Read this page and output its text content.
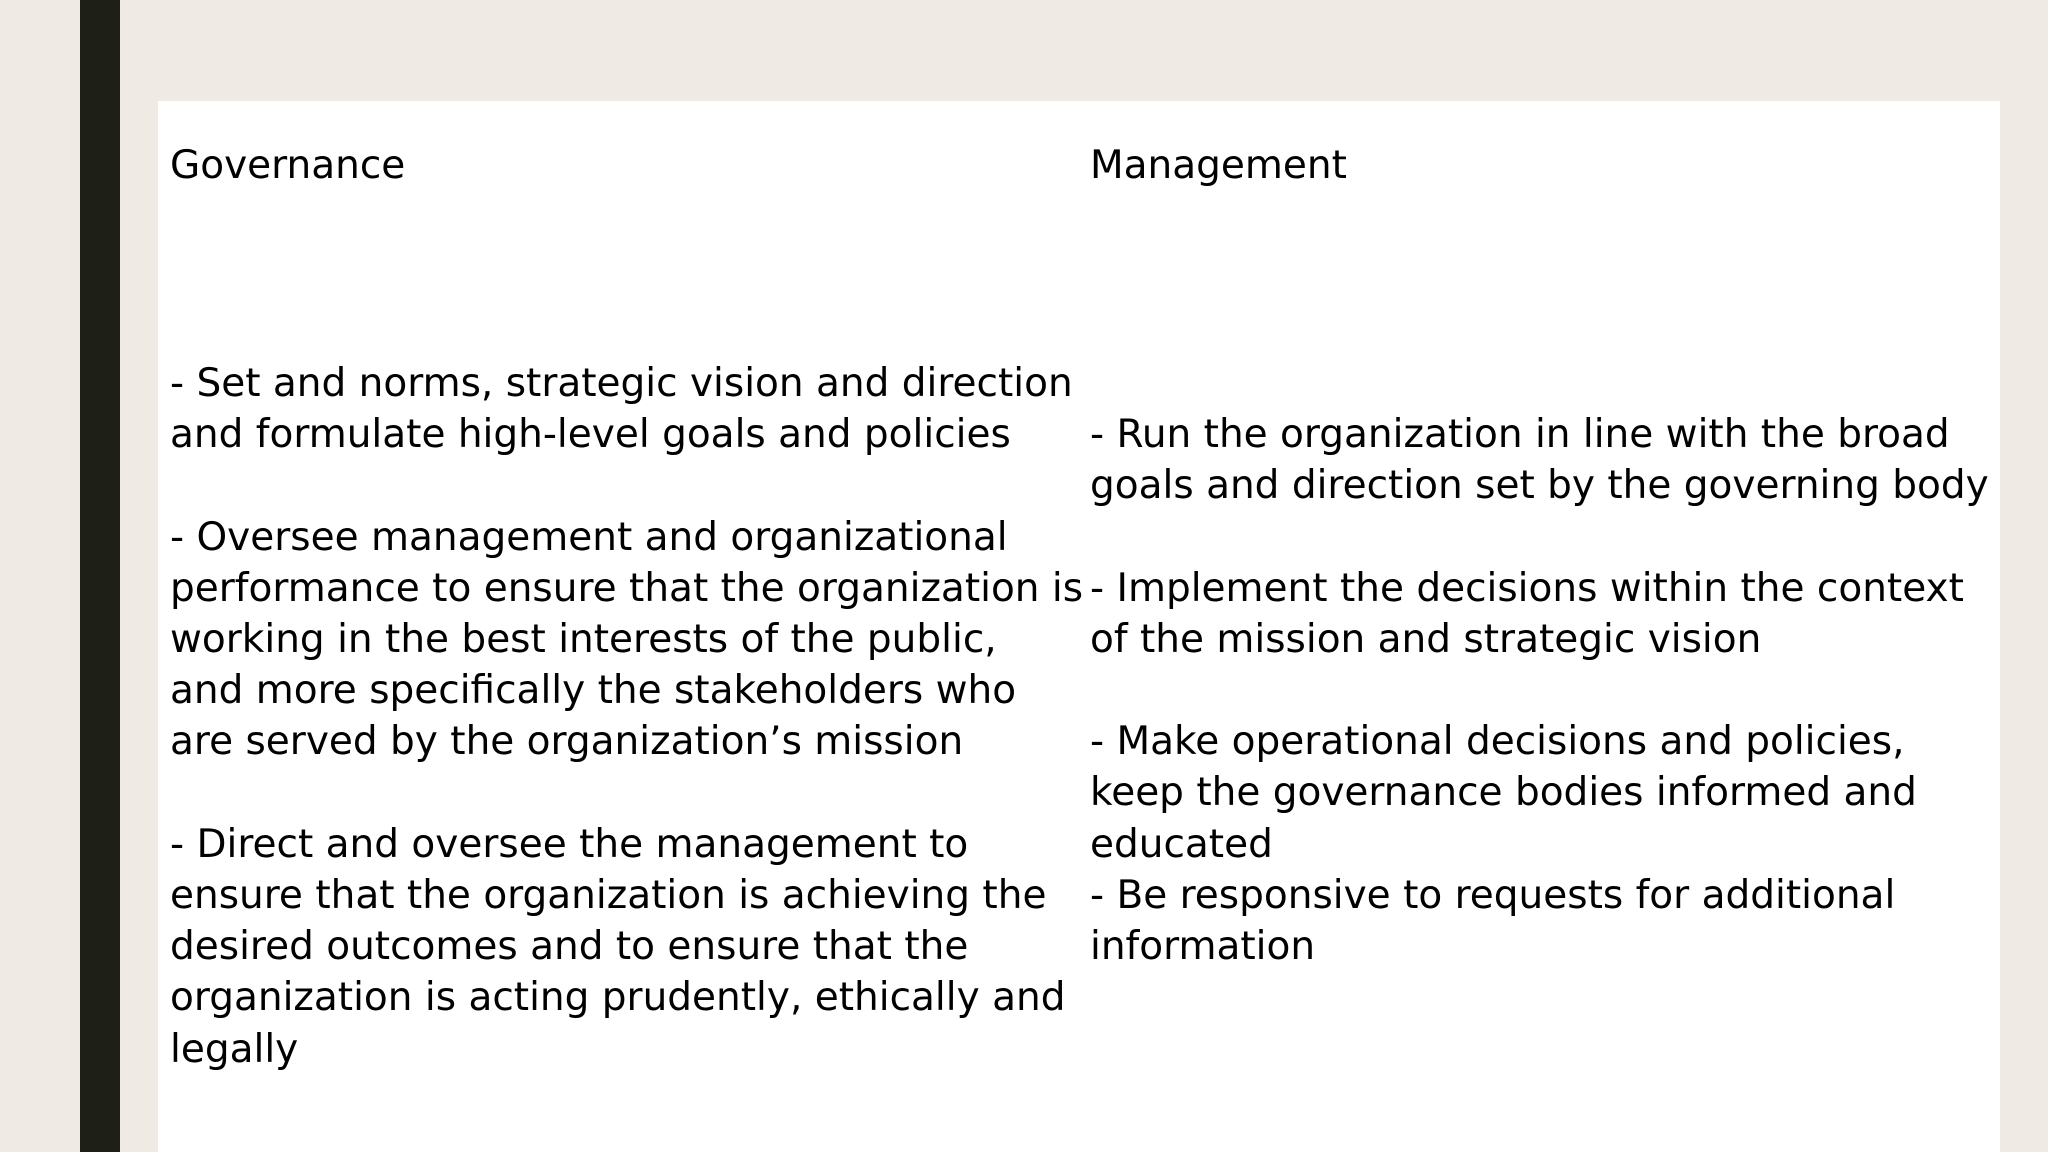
Governance

- Set and norms, strategic vision and direction
and formulate high-level goals and policies

- Oversee management and organizational
performance to ensure that the organization is
working in the best interests of the public,
and more specifically the stakeholders who
are served by the organization’s mission

- Direct and oversee the management to
ensure that the organization is achieving the
desired outcomes and to ensure that the
organization is acting prudently, ethically and
legally

Management

- Run the organization in line with the broad
goals and direction set by the governing body

- Implement the decisions within the context
of the mission and strategic vision

- Make operational decisions and policies,
keep the governance bodies informed and
educated
- Be responsive to requests for additional
information
